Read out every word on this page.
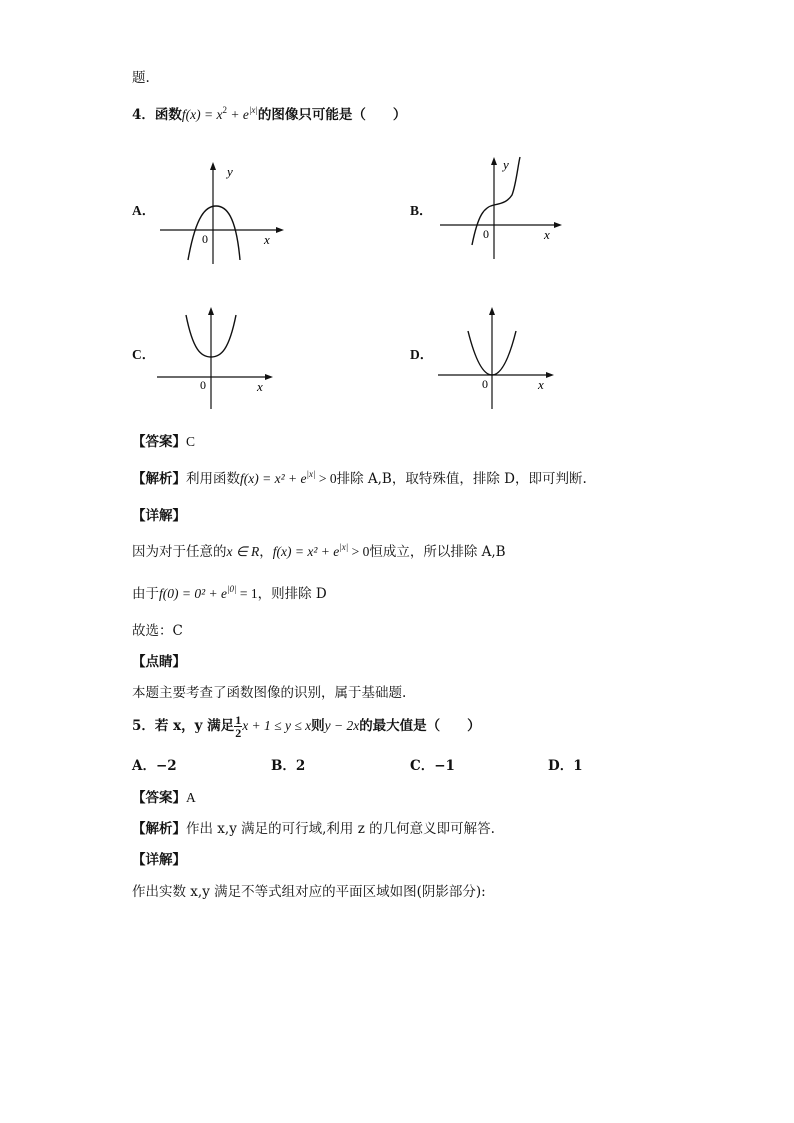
题.
4．函数$f(x) = x^2 + e^{|x|}$的图像只可能是（　　）
A．
y
x
0
B．
y
x
0
C．
x
0
D．
x
0
【答案】C
【解析】利用函数$f(x) = x^2 + e^{|x|} > 0$排除 A,B，取特殊值，排除 D，即可判断.
【详解】
因为对于任意的x ∈ R，$f(x) = x^2 + e^{|x|} > 0$恒成立，所以排除 A,B
由于$f(0) = 0^2 + e^{|0|} = 1$，则排除 D
故选：C
【点睛】
本题主要考查了函数图像的识别，属于基础题.
5．若 x，y 满足 $\frac{1}{2}$ x + 1 ≤ y ≤ x则y − 2x的最大值是（　　）
A．−2	B．2	C．−1	D．1
【答案】A
【解析】作出 x,y 满足的可行域,利用 z 的几何意义即可解答.
【详解】
作出实数 x,y 满足不等式组对应的平面区域如图(阴影部分):
